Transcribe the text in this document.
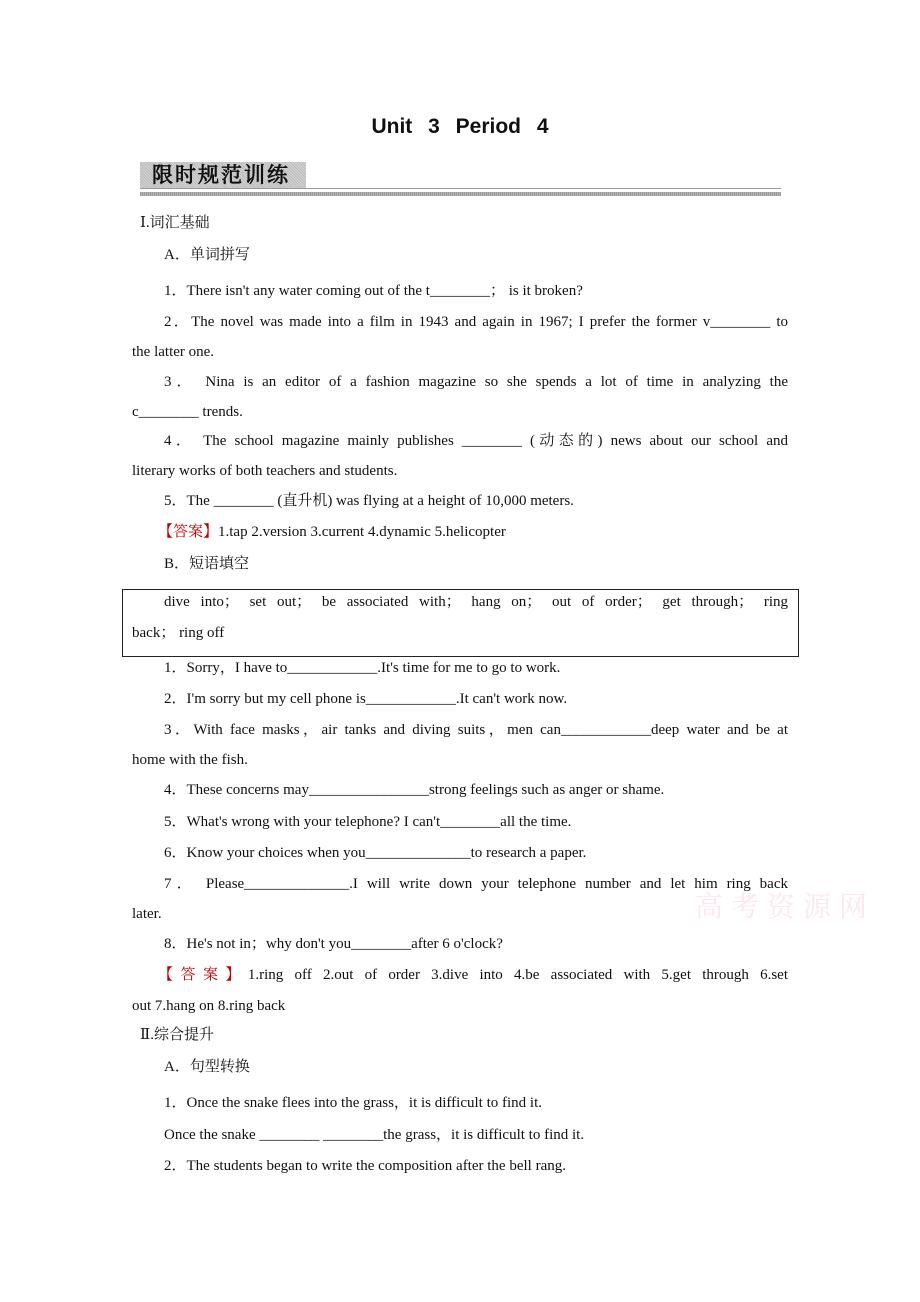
Unit 3 Period 4
限时规范训练
Ⅰ.词汇基础
A．单词拼写
1．There isn't any water coming out of the t________； is it broken?
2．The novel was made into a film in 1943 and again in 1967; I prefer the former v________ to
the latter one.
3． Nina is an editor of a fashion magazine so she spends a lot of time in analyzing the
c________ trends.
4． The school magazine mainly publishes ________ (动态的) news about our school and
literary works of both teachers and students.
5．The ________ (直升机) was flying at a height of 10,000 meters.
【答案】1.tap 2.version 3.current 4.dynamic 5.helicopter
B．短语填空
dive into； set out； be associated with； hang on； out of order； get through； ring
back； ring off
1．Sorry，I have to____________.It's time for me to go to work.
2．I'm sorry but my cell phone is____________.It can't work now.
3．With face masks，air tanks and diving suits，men can____________deep water and be at
home with the fish.
4．These concerns may________________strong feelings such as anger or shame.
5．What's wrong with your telephone? I can't________all the time.
6．Know your choices when you______________to research a paper.
7． Please______________.I will write down your telephone number and let him ring back
高考资源网
later.
8．He's not in；why don't you________after 6 o'clock?
【答案】1.ring off 2.out of order 3.dive into 4.be associated with 5.get through 6.set
out 7.hang on 8.ring back
Ⅱ.综合提升
A．句型转换
1．Once the snake flees into the grass，it is difficult to find it.
Once the snake ________ ________the grass，it is difficult to find it.
2．The students began to write the composition after the bell rang.
